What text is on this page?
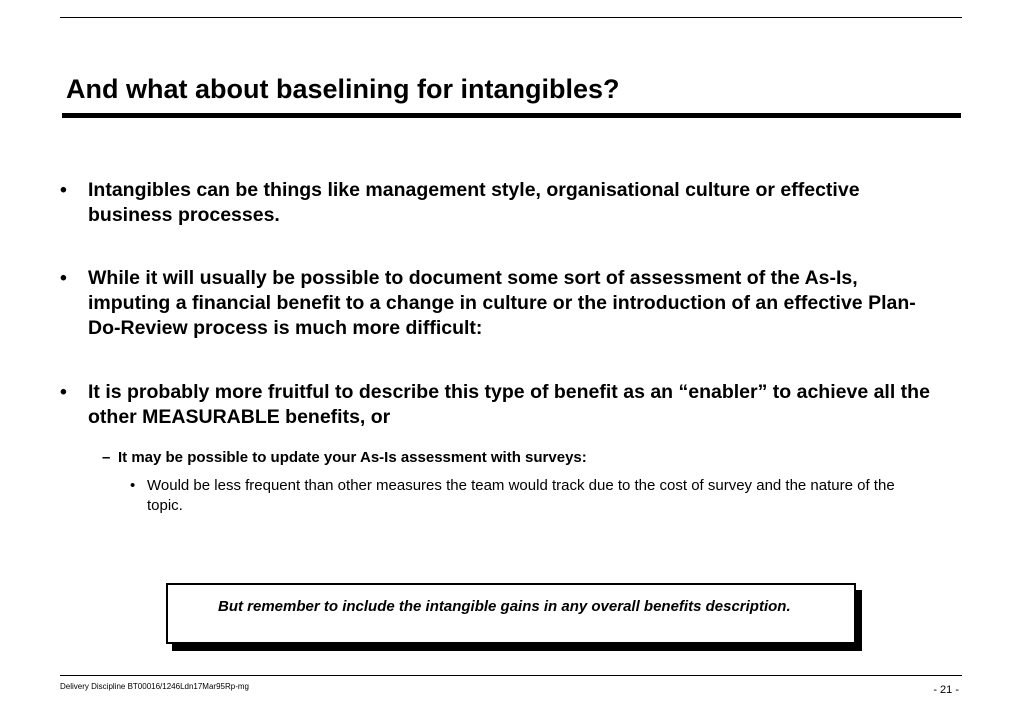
And what about baselining for intangibles?
•	Intangibles can be things like management style, organisational culture or effective business processes.
•	While it will usually be possible to document some sort of assessment of the As-Is, imputing a financial benefit to a change in culture or the introduction of an effective Plan-Do-Review process is much more difficult:
•	It is probably more fruitful to describe this type of benefit as an “enabler” to achieve all the other MEASURABLE benefits, or
– It may be possible to update your As-Is assessment with surveys:
• Would be less frequent than other measures the team would track due to the cost of survey and the nature of the topic.
But remember to include the intangible gains in any overall benefits description.
Delivery Discipline BT00016/1246Ldn17Mar95Rp-mg	- 21 -
